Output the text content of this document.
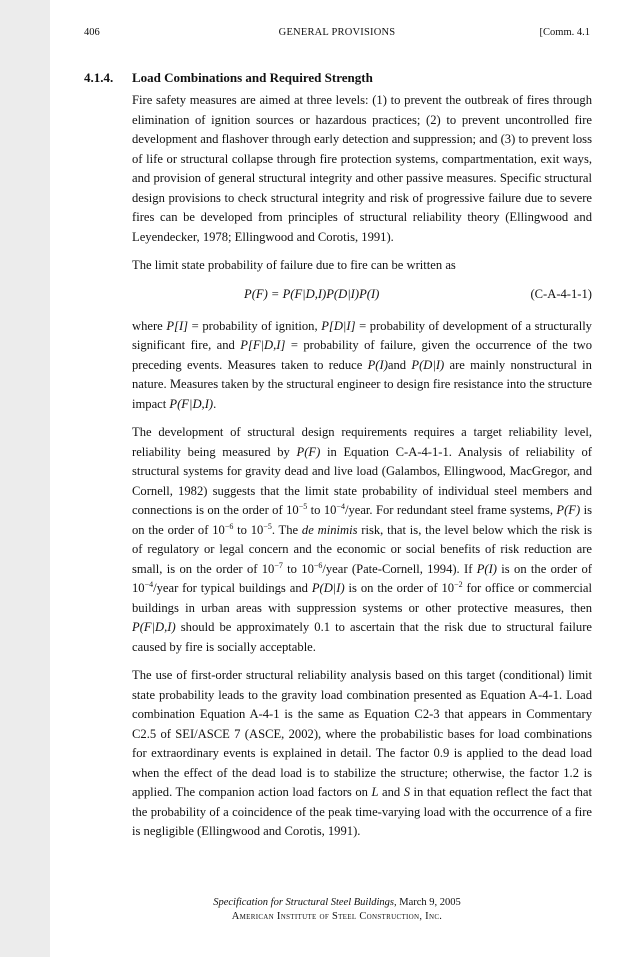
406	GENERAL PROVISIONS	[Comm. 4.1
4.1.4. Load Combinations and Required Strength

Fire safety measures are aimed at three levels: (1) to prevent the outbreak of fires through elimination of ignition sources or hazardous practices; (2) to prevent uncontrolled fire development and flashover through early detection and suppression; and (3) to prevent loss of life or structural collapse through fire protection systems, compartmentation, exit ways, and provision of general structural integrity and other passive measures. Specific structural design provisions to check structural integrity and risk of progressive failure due to severe fires can be developed from principles of structural reliability theory (Ellingwood and Leyendecker, 1978; Ellingwood and Corotis, 1991).

The limit state probability of failure due to fire can be written as

P(F) = P(F|D,I)P(D|I)P(I)	(C-A-4-1-1)

where P[I] = probability of ignition, P[D|I] = probability of development of a structurally significant fire, and P[F|D,I] = probability of failure, given the occurrence of the two preceding events. Measures taken to reduce P(I)and P(D|I) are mainly nonstructural in nature. Measures taken by the structural engineer to design fire resistance into the structure impact P(F|D,I).

The development of structural design requirements requires a target reliability level, reliability being measured by P(F) in Equation C-A-4-1-1. Analysis of reliability of structural systems for gravity dead and live load (Galambos, Ellingwood, MacGregor, and Cornell, 1982) suggests that the limit state probability of individual steel members and connections is on the order of $10^{-5}$ to $10^{-4}$/year. For redundant steel frame systems, P(F) is on the order of $10^{-6}$ to $10^{-5}$. The de minimis risk, that is, the level below which the risk is of regulatory or legal concern and the economic or social benefits of risk reduction are small, is on the order of $10^{-7}$ to $10^{-6}$/year (Pate-Cornell, 1994). If P(I) is on the order of $10^{-4}$/year for typical buildings and P(D|I) is on the order of $10^{-2}$ for office or commercial buildings in urban areas with suppression systems or other protective measures, then P(F|D,I) should be approximately 0.1 to ascertain that the risk due to structural failure caused by fire is socially acceptable.

The use of first-order structural reliability analysis based on this target (conditional) limit state probability leads to the gravity load combination presented as Equation A-4-1. Load combination Equation A-4-1 is the same as Equation C2-3 that appears in Commentary C2.5 of SEI/ASCE 7 (ASCE, 2002), where the probabilistic bases for load combinations for extraordinary events is explained in detail. The factor 0.9 is applied to the dead load when the effect of the dead load is to stabilize the structure; otherwise, the factor 1.2 is applied. The companion action load factors on L and S in that equation reflect the fact that the probability of a coincidence of the peak time-varying load with the occurrence of a fire is negligible (Ellingwood and Corotis, 1991).

Specification for Structural Steel Buildings, March 9, 2005
American Institute of Steel Construction, Inc.
